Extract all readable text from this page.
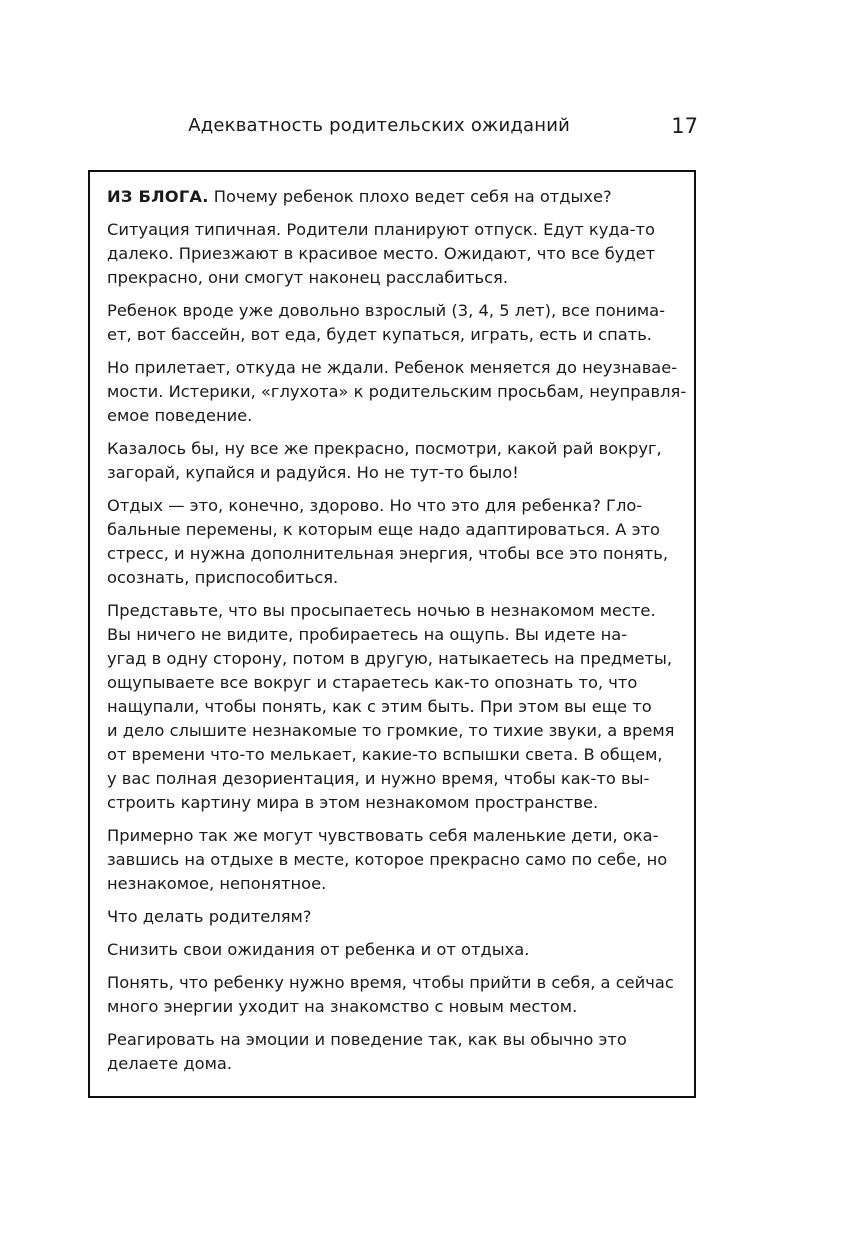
Адекватность родительских ожиданий	17

ИЗ БЛОГА. Почему ребенок плохо ведет себя на отдыхе?

Ситуация типичная. Родители планируют отпуск. Едут куда-то
далеко. Приезжают в красивое место. Ожидают, что все будет
прекрасно, они смогут наконец расслабиться.

Ребенок вроде уже довольно взрослый (3, 4, 5 лет), все понима-
ет, вот бассейн, вот еда, будет купаться, играть, есть и спать.

Но прилетает, откуда не ждали. Ребенок меняется до неузнавае-
мости. Истерики, «глухота» к родительским просьбам, неуправля-
емое поведение.

Казалось бы, ну все же прекрасно, посмотри, какой рай вокруг,
загорай, купайся и радуйся. Но не тут-то было!

Отдых — это, конечно, здорово. Но что это для ребенка? Гло-
бальные перемены, к которым еще надо адаптироваться. А это
стресс, и нужна дополнительная энергия, чтобы все это понять,
осознать, приспособиться.

Представьте, что вы просыпаетесь ночью в незнакомом месте.
Вы ничего не видите, пробираетесь на ощупь. Вы идете на-
угад в одну сторону, потом в другую, натыкаетесь на предметы,
ощупываете все вокруг и стараетесь как-то опознать то, что
нащупали, чтобы понять, как с этим быть. При этом вы еще то
и дело слышите незнакомые то громкие, то тихие звуки, а время
от времени что-то мелькает, какие-то вспышки света. В общем,
у вас полная дезориентация, и нужно время, чтобы как-то вы-
строить картину мира в этом незнакомом пространстве.

Примерно так же могут чувствовать себя маленькие дети, ока-
завшись на отдыхе в месте, которое прекрасно само по себе, но
незнакомое, непонятное.

Что делать родителям?

Снизить свои ожидания от ребенка и от отдыха.

Понять, что ребенку нужно время, чтобы прийти в себя, а сейчас
много энергии уходит на знакомство с новым местом.

Реагировать на эмоции и поведение так, как вы обычно это
делаете дома.
